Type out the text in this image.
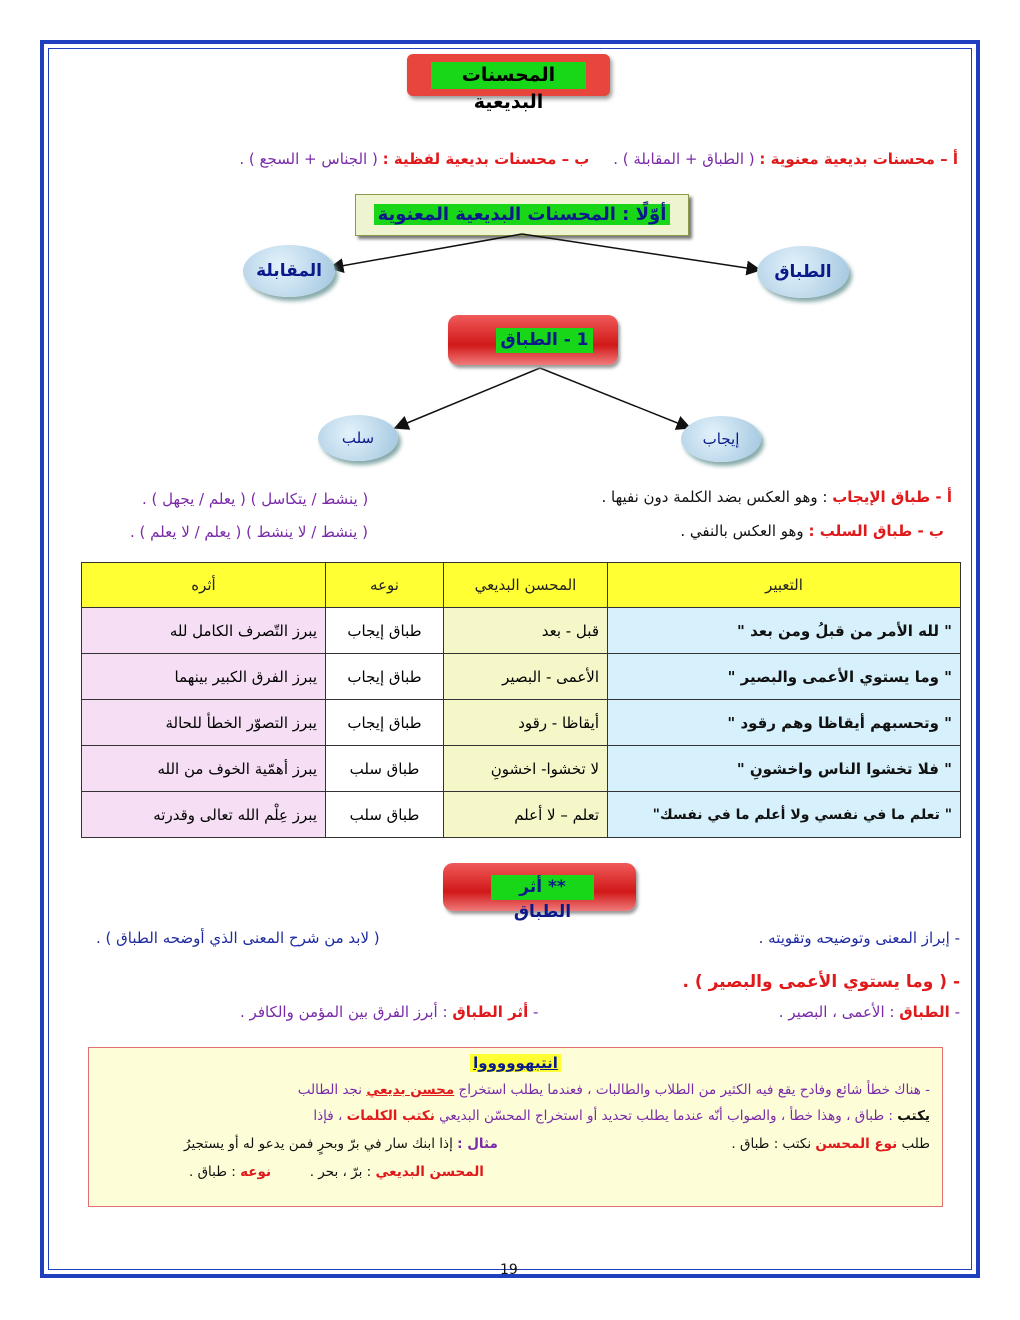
المحسنات البديعية
أ – محسنات بديعية معنوية : ( الطباق + المقابلة ) .     ب – محسنات بديعية لفظية : ( الجناس + السجع ) .
أوّلًا : المحسنات البديعية المعنوية
المقابلة	الطباق
1 - الطباق
سلب	إيجاب
أ - طباق الإيجاب : وهو العكس بضد الكلمة دون نفيها .
( ينشط / يتكاسل ) ( يعلم / يجهل ) .
ب - طباق السلب : وهو العكس بالنفي .
( ينشط / لا ينشط ) ( يعلم / لا يعلم ) .
التعبير	المحسن البديعي	نوعه	أثره
" لله الأمر من قبلُ ومن بعد "	قبل - بعد	طباق إيجاب	يبرز التّصرف الكامل لله
" وما يستوي الأعمى والبصير "	الأعمى - البصير	طباق إيجاب	يبرز الفرق الكبير بينهما
" وتحسبهم أيقاظا وهم رقود "	أيقاظا - رقود	طباق إيجاب	يبرز التصوّر الخطأ للحالة
" فلا تخشوا الناس واخشونِ "	لا تخشوا- اخشونِ	طباق سلب	يبرز أهمّية الخوف من الله
" تعلم ما في نفسي ولا أعلم ما في نفسك"	تعلم – لا أعلم	طباق سلب	يبرز عِلْم الله تعالى وقدرته
** أثر الطباق
- إبراز المعنى وتوضيحه وتقويته .
( لابد من شرح المعنى الذي أوضحه الطباق ) .
- ( وما يستوي الأعمى والبصير ) .
- الطباق : الأعمى ، البصير .
- أثر الطباق : أبرز الفرق بين المؤمن والكافر .
انتبهوووووا
- هناك خطأ شائع وفادح يقع فيه الكثير من الطلاب والطالبات ، فعندما يطلب استخراج محسن بديعي نجد الطالب
يكتب : طباق ، وهذا خطأ ، والصواب أنّه عندما يطلب تحديد أو استخراج المحسّن البديعي نكتب الكلمات ، فإذا
طلب نوع المحسن نكتب : طباق .
مثال : إذا ابنك سار في برّ وبحرٍ فمن يدعو له أو يستجيرُ
المحسن البديعي : برّ ، بحر .         نوعه : طباق .
19
